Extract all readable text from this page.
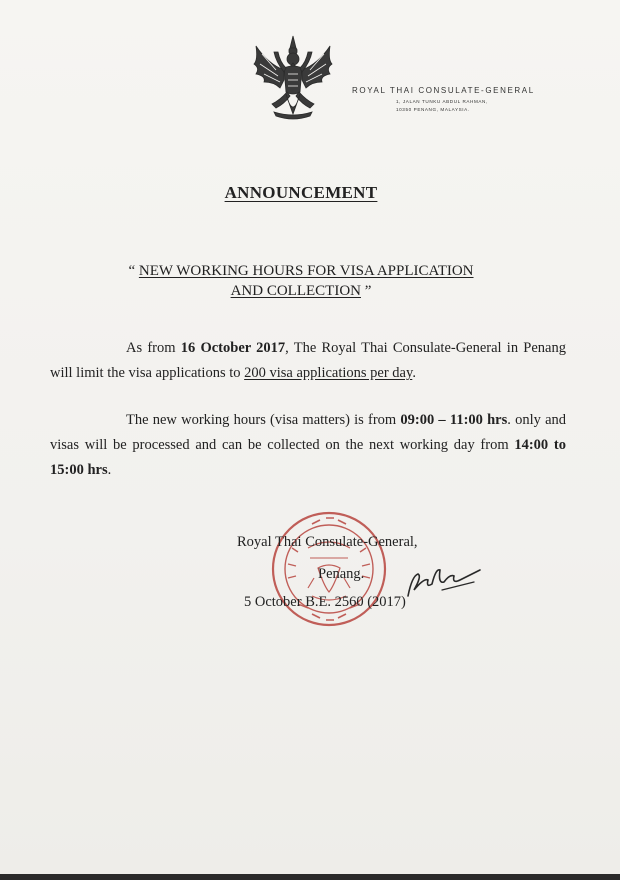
ROYAL THAI CONSULATE-GENERAL
1, JALAN TUNKU ABDUL RAHMAN,
10350 PENANG, MALAYSIA.
ANNOUNCEMENT
“ NEW WORKING HOURS FOR VISA APPLICATION
AND COLLECTION ”
As from 16 October 2017, The Royal Thai Consulate-General in Penang will limit the visa applications to 200 visa applications per day.
The new working hours (visa matters) is from 09:00 – 11:00 hrs. only and visas will be processed and can be collected on the next working day from 14:00 to 15:00 hrs.
Royal Thai Consulate-General,
Penang.
5 October B.E. 2560 (2017)
